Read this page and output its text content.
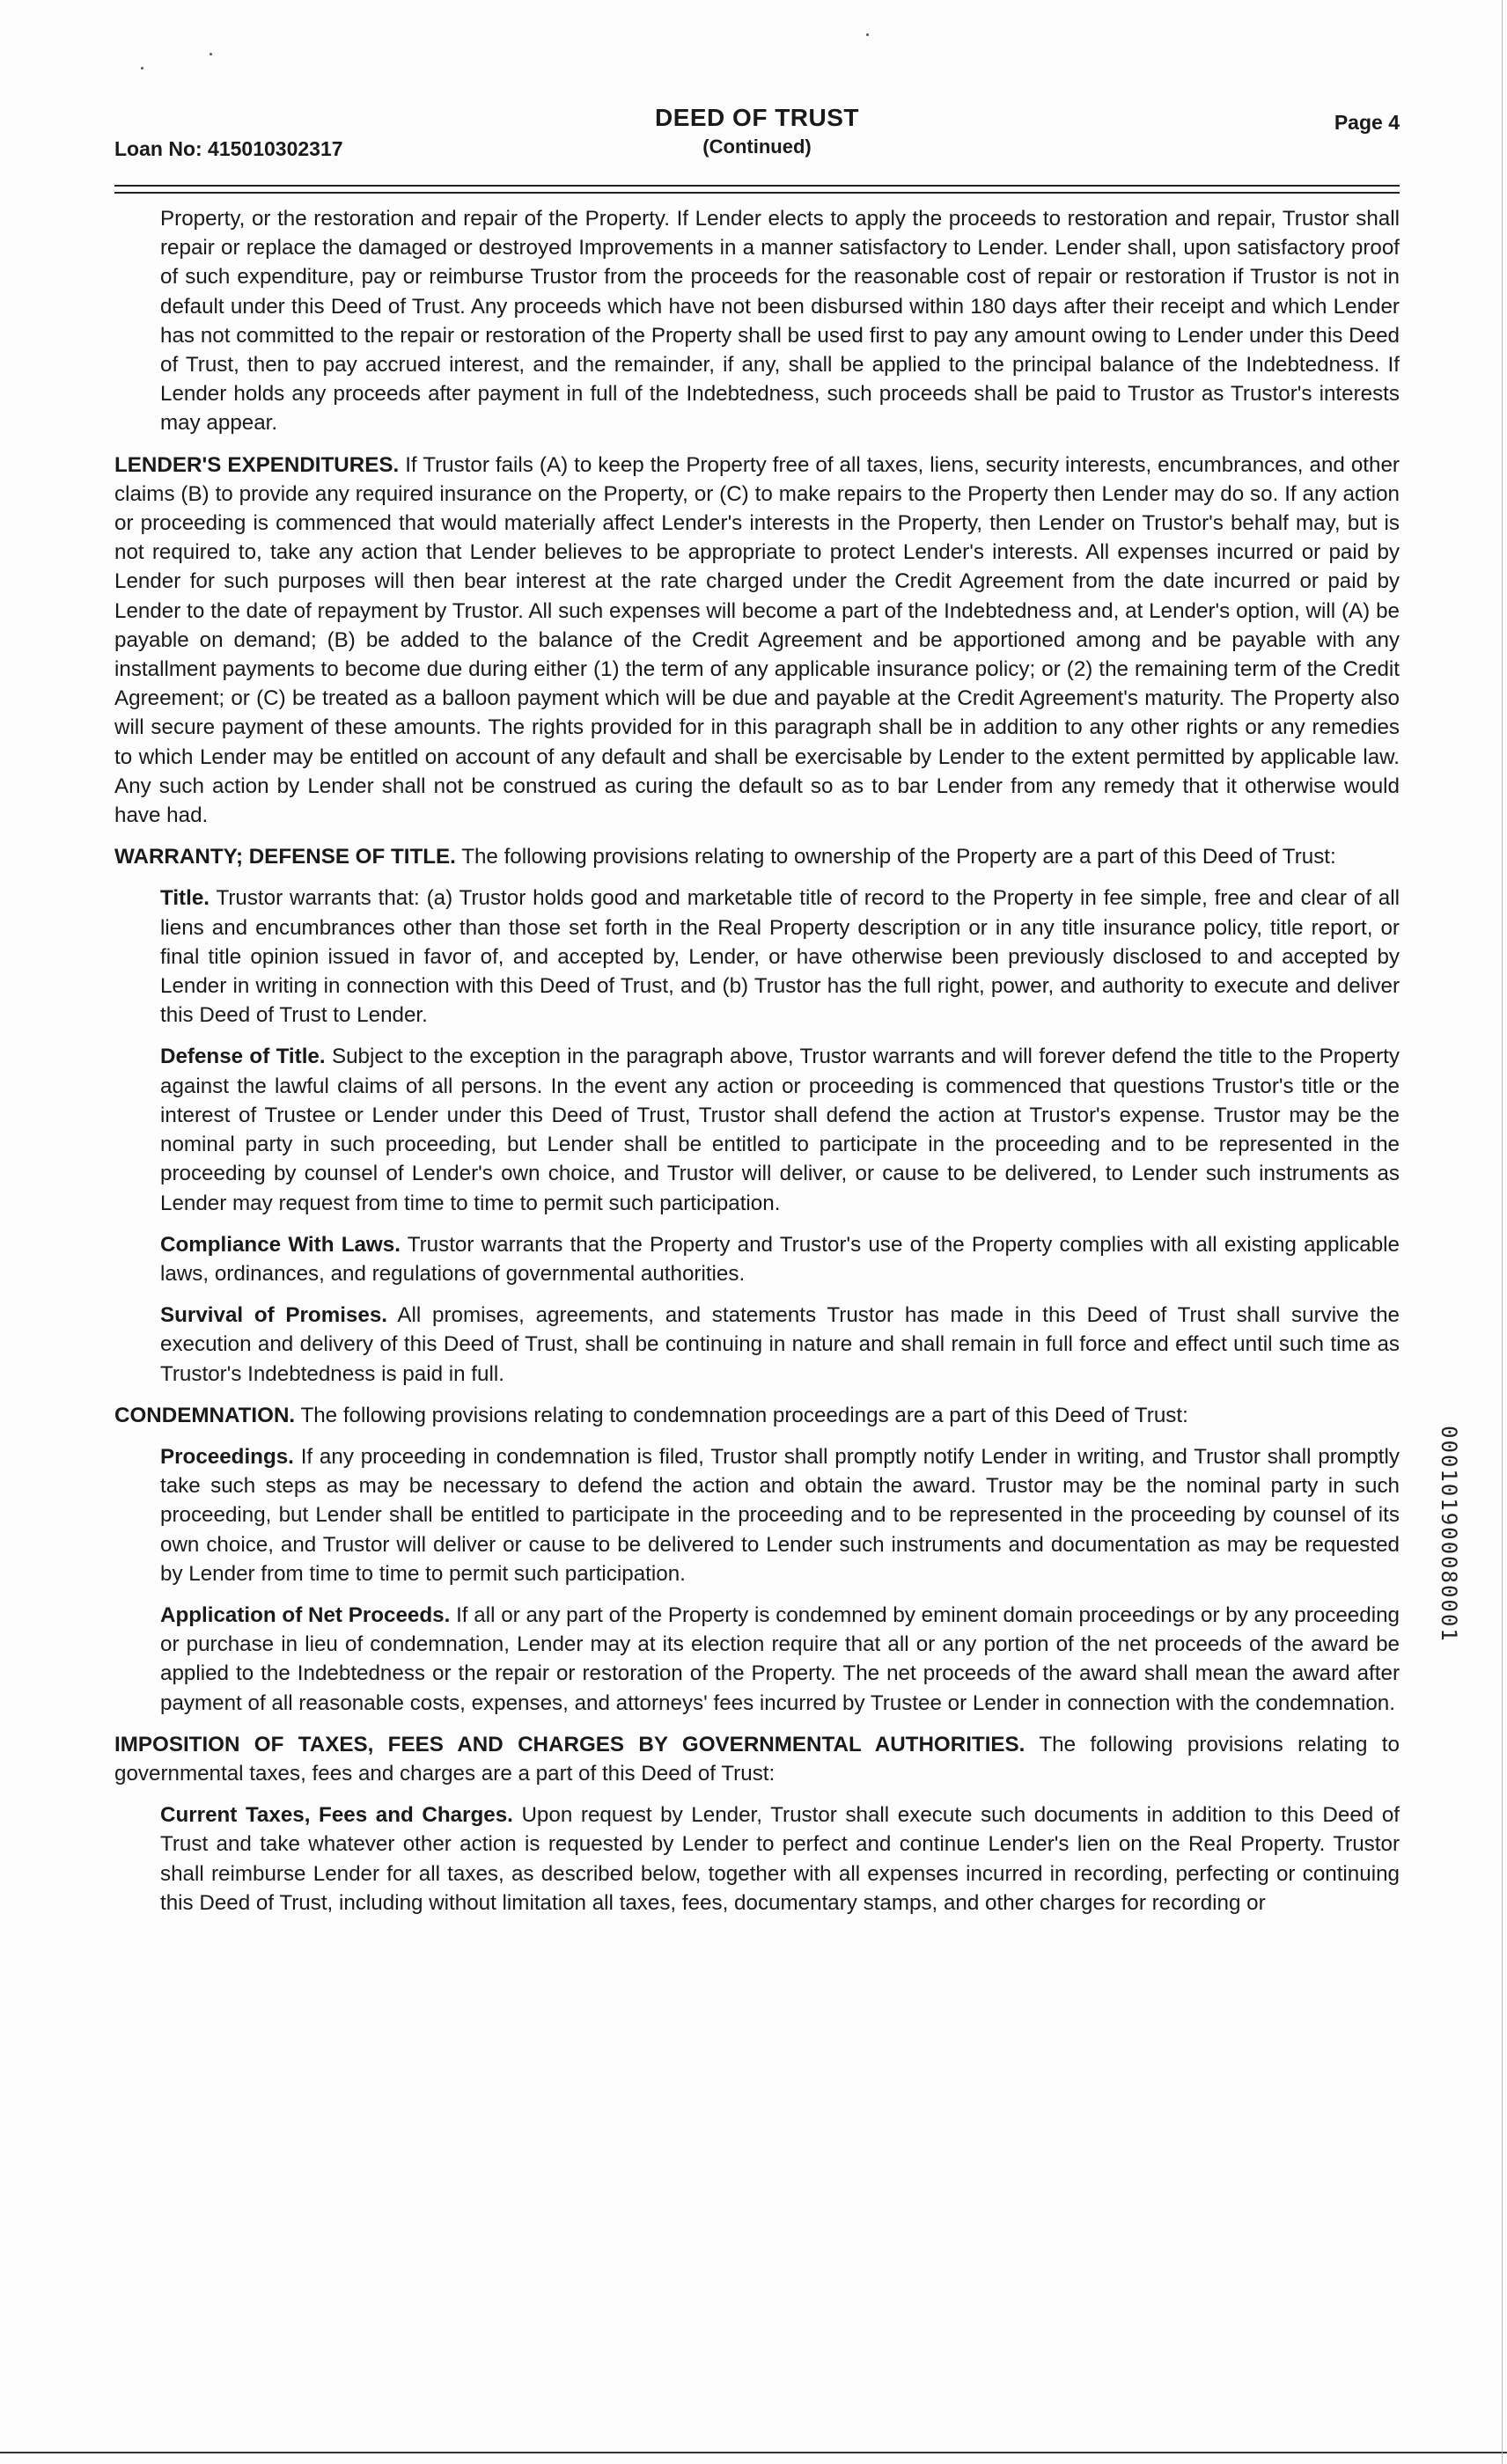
Loan No: 415010302317
DEED OF TRUST
(Continued)
Page 4

Property, or the restoration and repair of the Property. If Lender elects to apply the proceeds to restoration and repair, Trustor shall repair or replace the damaged or destroyed Improvements in a manner satisfactory to Lender. Lender shall, upon satisfactory proof of such expenditure, pay or reimburse Trustor from the proceeds for the reasonable cost of repair or restoration if Trustor is not in default under this Deed of Trust. Any proceeds which have not been disbursed within 180 days after their receipt and which Lender has not committed to the repair or restoration of the Property shall be used first to pay any amount owing to Lender under this Deed of Trust, then to pay accrued interest, and the remainder, if any, shall be applied to the principal balance of the Indebtedness. If Lender holds any proceeds after payment in full of the Indebtedness, such proceeds shall be paid to Trustor as Trustor's interests may appear.

LENDER'S EXPENDITURES. If Trustor fails (A) to keep the Property free of all taxes, liens, security interests, encumbrances, and other claims (B) to provide any required insurance on the Property, or (C) to make repairs to the Property then Lender may do so. If any action or proceeding is commenced that would materially affect Lender's interests in the Property, then Lender on Trustor's behalf may, but is not required to, take any action that Lender believes to be appropriate to protect Lender's interests. All expenses incurred or paid by Lender for such purposes will then bear interest at the rate charged under the Credit Agreement from the date incurred or paid by Lender to the date of repayment by Trustor. All such expenses will become a part of the Indebtedness and, at Lender's option, will (A) be payable on demand; (B) be added to the balance of the Credit Agreement and be apportioned among and be payable with any installment payments to become due during either (1) the term of any applicable insurance policy; or (2) the remaining term of the Credit Agreement; or (C) be treated as a balloon payment which will be due and payable at the Credit Agreement's maturity. The Property also will secure payment of these amounts. The rights provided for in this paragraph shall be in addition to any other rights or any remedies to which Lender may be entitled on account of any default and shall be exercisable by Lender to the extent permitted by applicable law. Any such action by Lender shall not be construed as curing the default so as to bar Lender from any remedy that it otherwise would have had.

WARRANTY; DEFENSE OF TITLE. The following provisions relating to ownership of the Property are a part of this Deed of Trust:

Title. Trustor warrants that: (a) Trustor holds good and marketable title of record to the Property in fee simple, free and clear of all liens and encumbrances other than those set forth in the Real Property description or in any title insurance policy, title report, or final title opinion issued in favor of, and accepted by, Lender, or have otherwise been previously disclosed to and accepted by Lender in writing in connection with this Deed of Trust, and (b) Trustor has the full right, power, and authority to execute and deliver this Deed of Trust to Lender.

Defense of Title. Subject to the exception in the paragraph above, Trustor warrants and will forever defend the title to the Property against the lawful claims of all persons. In the event any action or proceeding is commenced that questions Trustor's title or the interest of Trustee or Lender under this Deed of Trust, Trustor shall defend the action at Trustor's expense. Trustor may be the nominal party in such proceeding, but Lender shall be entitled to participate in the proceeding and to be represented in the proceeding by counsel of Lender's own choice, and Trustor will deliver, or cause to be delivered, to Lender such instruments as Lender may request from time to time to permit such participation.

Compliance With Laws. Trustor warrants that the Property and Trustor's use of the Property complies with all existing applicable laws, ordinances, and regulations of governmental authorities.

Survival of Promises. All promises, agreements, and statements Trustor has made in this Deed of Trust shall survive the execution and delivery of this Deed of Trust, shall be continuing in nature and shall remain in full force and effect until such time as Trustor's Indebtedness is paid in full.

CONDEMNATION. The following provisions relating to condemnation proceedings are a part of this Deed of Trust:

Proceedings. If any proceeding in condemnation is filed, Trustor shall promptly notify Lender in writing, and Trustor shall promptly take such steps as may be necessary to defend the action and obtain the award. Trustor may be the nominal party in such proceeding, but Lender shall be entitled to participate in the proceeding and to be represented in the proceeding by counsel of its own choice, and Trustor will deliver or cause to be delivered to Lender such instruments and documentation as may be requested by Lender from time to time to permit such participation.

Application of Net Proceeds. If all or any part of the Property is condemned by eminent domain proceedings or by any proceeding or purchase in lieu of condemnation, Lender may at its election require that all or any portion of the net proceeds of the award be applied to the Indebtedness or the repair or restoration of the Property. The net proceeds of the award shall mean the award after payment of all reasonable costs, expenses, and attorneys' fees incurred by Trustee or Lender in connection with the condemnation.

IMPOSITION OF TAXES, FEES AND CHARGES BY GOVERNMENTAL AUTHORITIES. The following provisions relating to governmental taxes, fees and charges are a part of this Deed of Trust:

Current Taxes, Fees and Charges. Upon request by Lender, Trustor shall execute such documents in addition to this Deed of Trust and take whatever other action is requested by Lender to perfect and continue Lender's lien on the Real Property. Trustor shall reimburse Lender for all taxes, as described below, together with all expenses incurred in recording, perfecting or continuing this Deed of Trust, including without limitation all taxes, fees, documentary stamps, and other charges for recording or

000101900080001
